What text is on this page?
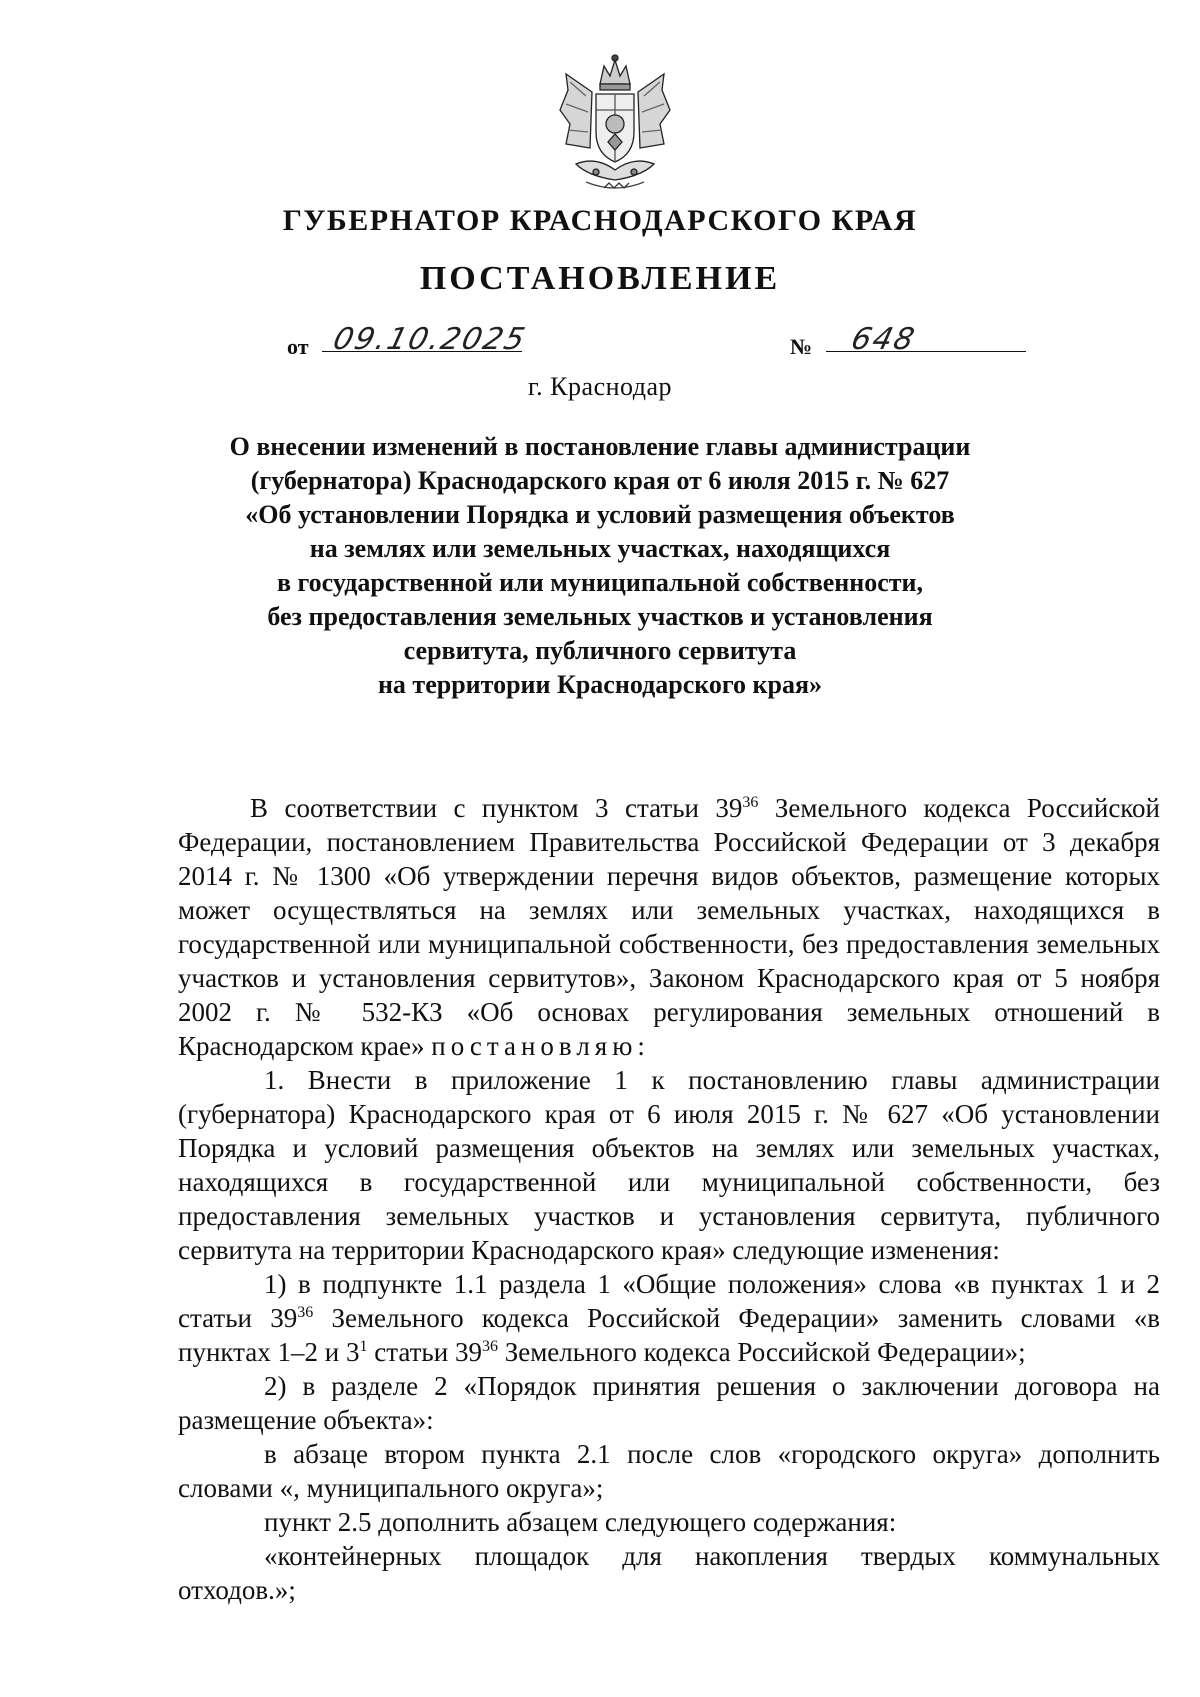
ГУБЕРНАТОР КРАСНОДАРСКОГО КРАЯ
ПОСТАНОВЛЕНИЕ
от 09.10.2025	№ 648
г. Краснодар
О внесении изменений в постановление главы администрации
(губернатора) Краснодарского края от 6 июля 2015 г. № 627
«Об установлении Порядка и условий размещения объектов
на землях или земельных участках, находящихся
в государственной или муниципальной собственности,
без предоставления земельных участков и установления
сервитута, публичного сервитута
на территории Краснодарского края»

В соответствии с пунктом 3 статьи $39^{36}$ Земельного кодекса Российской Федерации, постановлением Правительства Российской Федерации от 3 декабря 2014 г. № 1300 «Об утверждении перечня видов объектов, размещение которых может осуществляться на землях или земельных участках, находящихся в государственной или муниципальной собственности, без предоставления земельных участков и установления сервитутов», Законом Краснодарского края от 5 ноября 2002 г. № 532-КЗ «Об основах регулирования земельных отношений в Краснодарском крае» постановляю:

1. Внести в приложение 1 к постановлению главы администрации (губернатора) Краснодарского края от 6 июля 2015 г. № 627 «Об установлении Порядка и условий размещения объектов на землях или земельных участках, находящихся в государственной или муниципальной собственности, без предоставления земельных участков и установления сервитута, публичного сервитута на территории Краснодарского края» следующие изменения:

1) в подпункте 1.1 раздела 1 «Общие положения» слова «в пунктах 1 и 2 статьи $39^{36}$ Земельного кодекса Российской Федерации» заменить словами «в пунктах 1–2 и $3^1$ статьи $39^{36}$ Земельного кодекса Российской Федерации»;

2) в разделе 2 «Порядок принятия решения о заключении договора на размещение объекта»:

в абзаце втором пункта 2.1 после слов «городского округа» дополнить словами «, муниципального округа»;

пункт 2.5 дополнить абзацем следующего содержания:

«контейнерных площадок для накопления твердых коммунальных

отходов.»;
